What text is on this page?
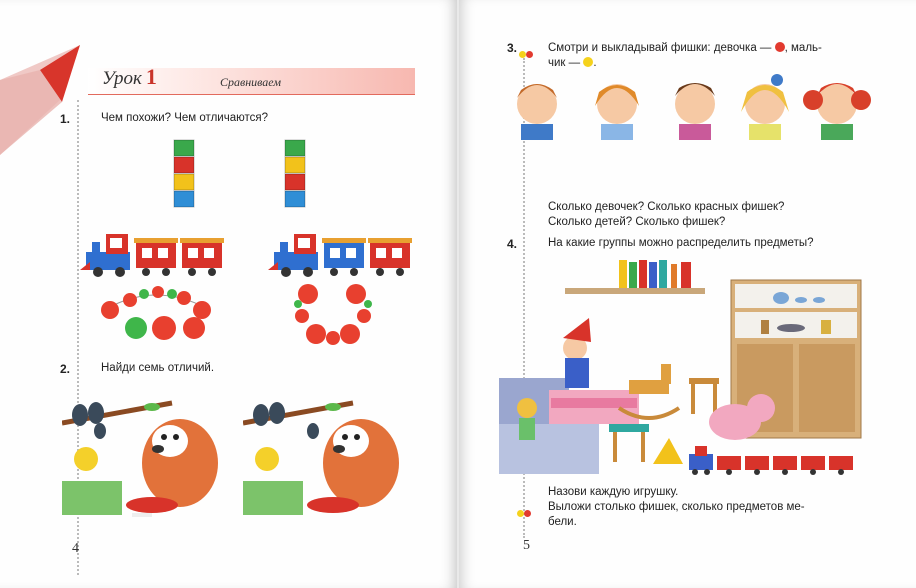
Урок 1	Сравниваем
1.	Чем похожи? Чем отличаются?
2.	Найди семь отличий.
4
3.	Смотри и выкладывай фишки: девочка — , маль-
чик — .
Сколько девочек? Сколько красных фишек?
Сколько детей? Сколько фишек?
4.	На какие группы можно распределить предметы?
Назови каждую игрушку.
Выложи столько фишек, сколько предметов ме-
бели.
5
